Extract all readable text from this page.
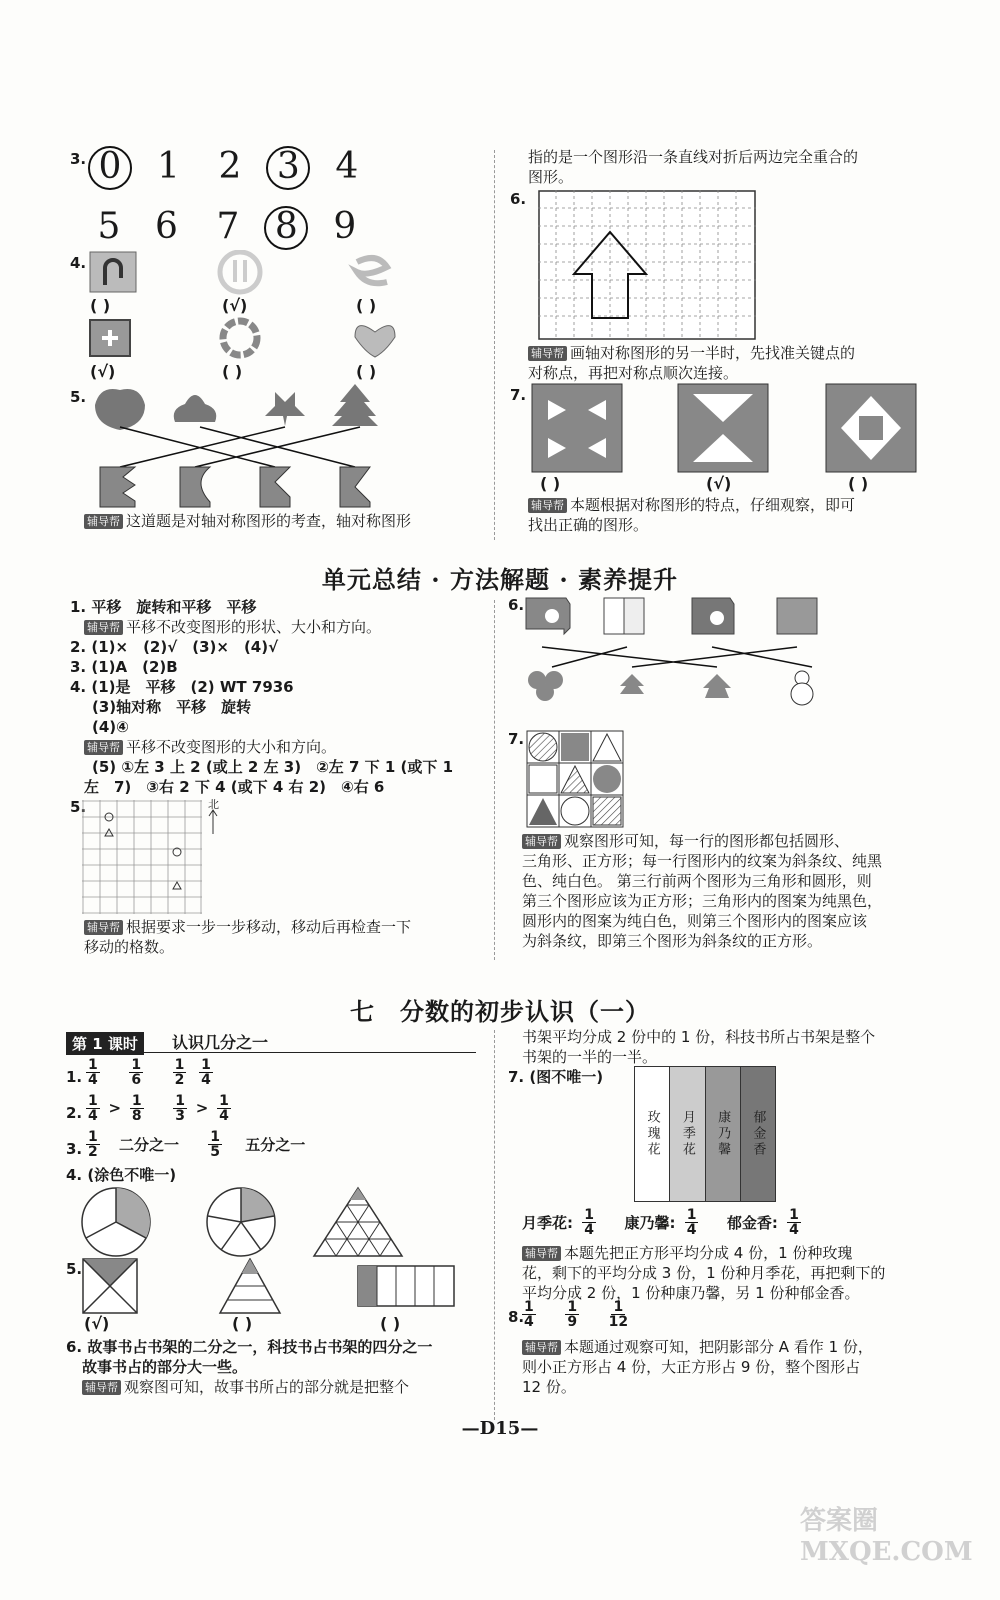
3. 0 1 2 3 4
5 6 7 8 9
4.
( )	(√)	( )
(√)	( )	( )
5.
辅导帮 这道题是对轴对称图形的考查，轴对称图形
指的是一个图形沿一条直线对折后两边完全重合的
图形。
6.
辅导帮 画轴对称图形的另一半时，先找准关键点的
对称点，再把对称点顺次连接。
7.
( )	(√)	( )
辅导帮 本题根据对称图形的特点，仔细观察，即可
找出正确的图形。
单元总结 · 方法解题 · 素养提升
1. 平移　旋转和平移　平移
辅导帮 平移不改变图形的形状、大小和方向。
2. (1)×　(2)√　(3)×　(4)√
3. (1)A　(2)B
4. (1)是　平移　(2) WT 7936
(3)轴对称　平移　旋转
(4)④
辅导帮 平移不改变图形的大小和方向。
(5) ①左 3 上 2 (或上 2 左 3)　②左 7 下 1 (或下 1
左　7)　③右 2 下 4 (或下 4 右 2)　④右 6
5.	北
辅导帮 根据要求一步一步移动，移动后再检查一下
移动的格数。
6.
7.
辅导帮 观察图形可知，每一行的图形都包括圆形、
三角形、正方形；每一行图形内的纹案为斜条纹、纯黑
色、纯白色。 第三行前两个图形为三角形和圆形，则
第三个图形应该为正方形；三角形内的图案为纯黑色，
圆形内的图案为纯白色，则第三个图形内的图案应该
为斜条纹，即第三个图形为斜条纹的正方形。
七　分数的初步认识（一）
第 1 课时	认识几分之一
1. $\frac{1}{4}$
$\frac{1}{6}$
$\frac{1}{2}$
$\frac{1}{4}$
2. $\frac{1}{4} > \frac{1}{8}$
$\frac{1}{3} > \frac{1}{4}$
3. $\frac{1}{2}$ 二分之一 $\frac{1}{5}$ 五分之一
4. (涂色不唯一)
5.
(√)	( )	( )
6. 故事书占书架的二分之一，科技书占书架的四分之一
故事书占的部分大一些。
辅导帮 观察图可知，故事书所占的部分就是把整个
书架平均分成 2 份中的 1 份，科技书所占书架是整个
书架的一半的一半。
7. (图不唯一)
玫瑰花 月季花 康乃馨 郁金香
月季花: $\frac{1}{4}$ 康乃馨: $\frac{1}{4}$ 郁金香: $\frac{1}{4}$
辅导帮 本题先把正方形平均分成 4 份，1 份种玫瑰
花，剩下的平均分成 3 份，1 份种月季花，再把剩下的
平均分成 2 份，1 份种康乃馨，另 1 份种郁金香。
8.
$\frac{1}{4}$
$\frac{1}{9}$
$\frac{1}{12}$
辅导帮 本题通过观察可知，把阴影部分 A 看作 1 份，
则小正方形占 4 份，大正方形占 9 份，整个图形占
12 份。
—D15—
答案圈 MXQE.COM
